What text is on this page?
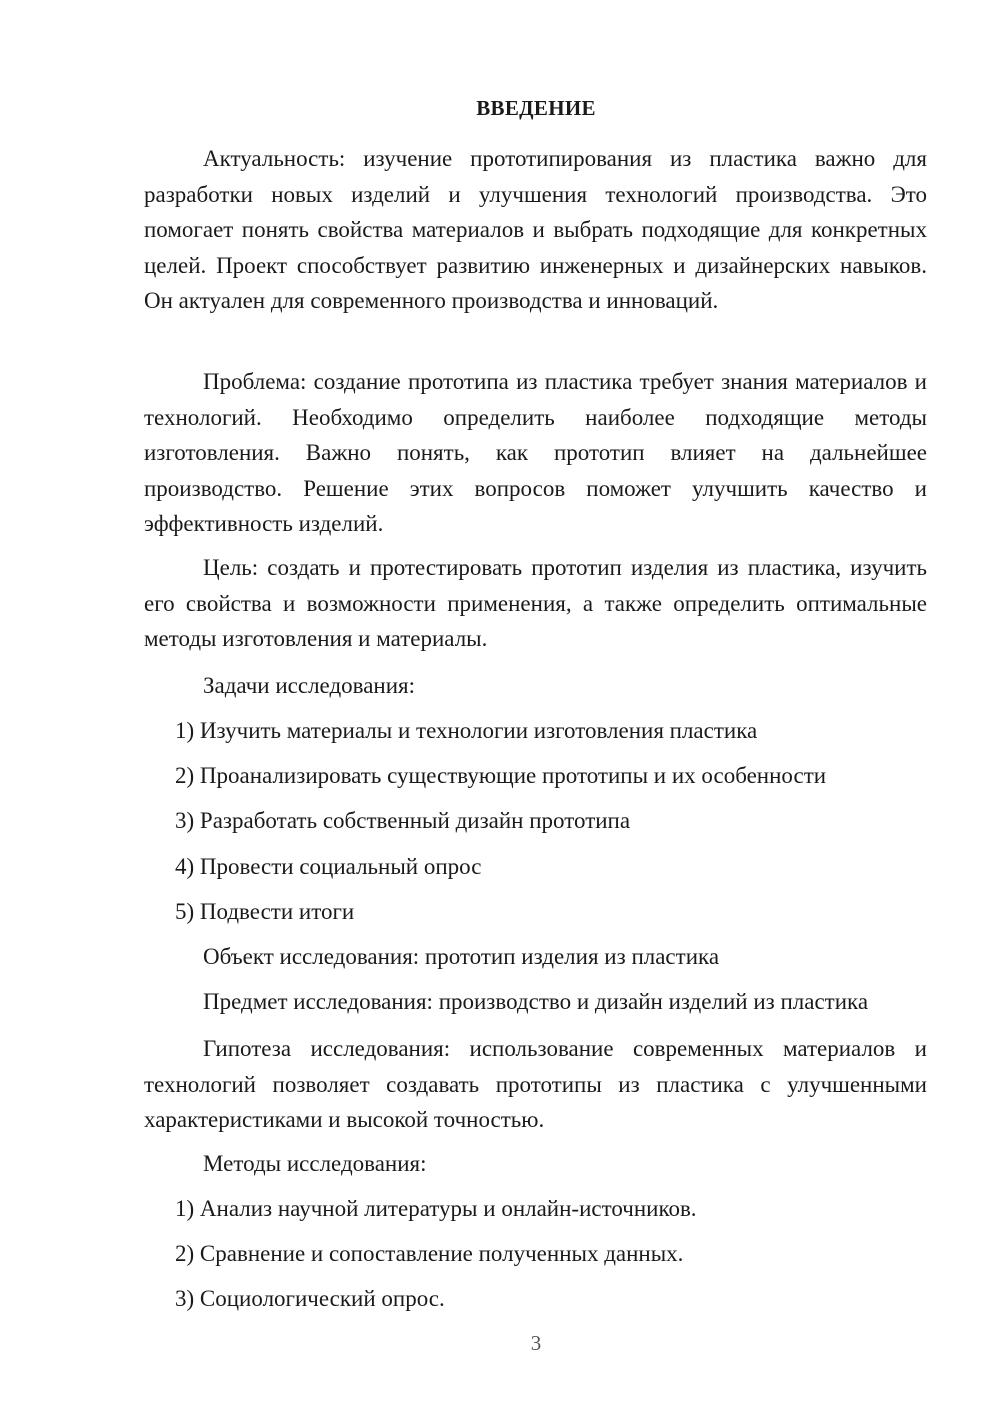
ВВЕДЕНИЕ

Актуальность: изучение прототипирования из пластика важно для разработки новых изделий и улучшения технологий производства. Это помогает понять свойства материалов и выбрать подходящие для конкретных целей. Проект способствует развитию инженерных и дизайнерских навыков. Он актуален для современного производства и инноваций.

Проблема: создание прототипа из пластика требует знания материалов и технологий. Необходимо определить наиболее подходящие методы изготовления. Важно понять, как прототип влияет на дальнейшее производство. Решение этих вопросов поможет улучшить качество и эффективность изделий.

Цель: создать и протестировать прототип изделия из пластика, изучить его свойства и возможности применения, а также определить оптимальные методы изготовления и материалы.

Задачи исследования:
1) Изучить материалы и технологии изготовления пластика
2) Проанализировать существующие прототипы и их особенности
3) Разработать собственный дизайн прототипа
4) Провести социальный опрос
5) Подвести итоги
Объект исследования: прототип изделия из пластика
Предмет исследования: производство и дизайн изделий из пластика

Гипотеза исследования: использование современных материалов и технологий позволяет создавать прототипы из пластика с улучшенными характеристиками и высокой точностью.

Методы исследования:
1) Анализ научной литературы и онлайн-источников.
2) Сравнение и сопоставление полученных данных.
3) Социологический опрос.
3
